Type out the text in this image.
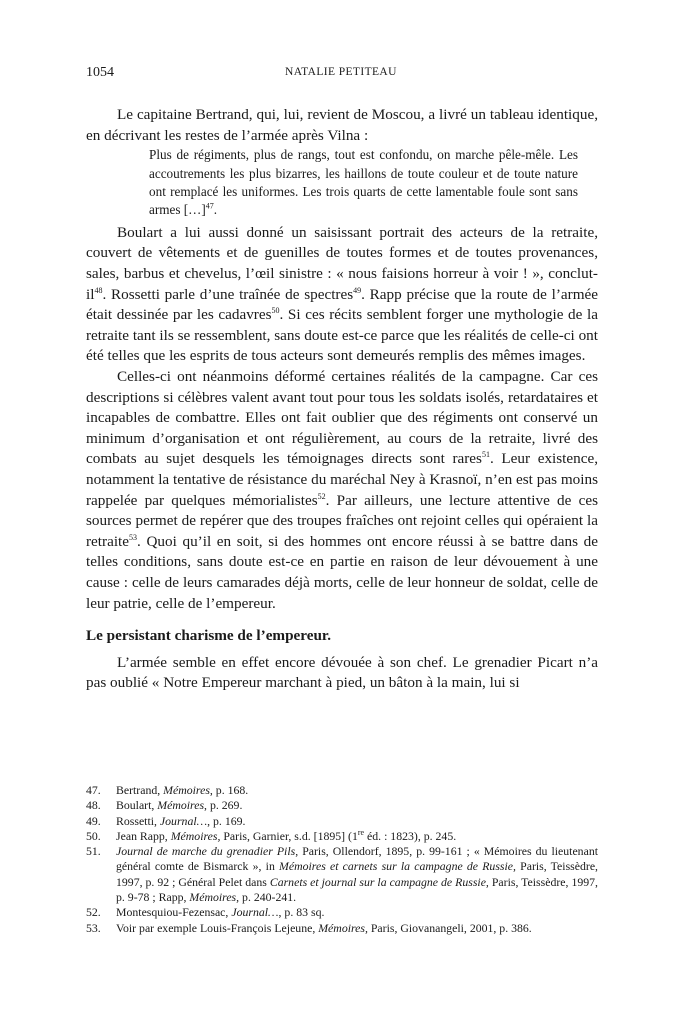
1054	NATALIE PETITEAU

Le capitaine Bertrand, qui, lui, revient de Moscou, a livré un tableau identique, en décrivant les restes de l’armée après Vilna :

Plus de régiments, plus de rangs, tout est confondu, on marche pêle-mêle. Les accoutrements les plus bizarres, les haillons de toute couleur et de toute nature ont remplacé les uniformes. Les trois quarts de cette lamentable foule sont sans armes […]$^{47}$.

Boulart a lui aussi donné un saisissant portrait des acteurs de la retraite, couvert de vêtements et de guenilles de toutes formes et de toutes provenances, sales, barbus et chevelus, l’œil sinistre : « nous faisions horreur à voir ! », conclut-$il^{48}$. Rossetti parle d’une traînée de spectres$^{49}$. Rapp précise que la route de l’armée était dessinée par les cadavres$^{50}$. Si ces récits semblent forger une mythologie de la retraite tant ils se ressemblent, sans doute est-ce parce que les réalités de celle-ci ont été telles que les esprits de tous acteurs sont demeurés remplis des mêmes images.

Celles-ci ont néanmoins déformé certaines réalités de la campagne. Car ces descriptions si célèbres valent avant tout pour tous les soldats isolés, retardataires et incapables de combattre. Elles ont fait oublier que des régiments ont conservé un minimum d’organisation et ont régulièrement, au cours de la retraite, livré des combats au sujet desquels les témoignages directs sont rares$^{51}$. Leur existence, notamment la tentative de résistance du maréchal Ney à Krasnoï, n’en est pas moins rappelée par quelques mémorialistes$^{52}$. Par ailleurs, une lecture attentive de ces sources permet de repérer que des troupes fraîches ont rejoint celles qui opéraient la retraite$^{53}$. Quoi qu’il en soit, si des hommes ont encore réussi à se battre dans de telles conditions, sans doute est-ce en partie en raison de leur dévouement à une cause : celle de leurs camarades déjà morts, celle de leur honneur de soldat, celle de leur patrie, celle de l’empereur.

Le persistant charisme de l’empereur.

L’armée semble en effet encore dévouée à son chef. Le grenadier Picart n’a pas oublié « Notre Empereur marchant à pied, un bâton à la main, lui si

47.	Bertrand, Mémoires, p. 168.
48.	Boulart, Mémoires, p. 269.
49.	Rossetti, Journal…, p. 169.
50.	Jean Rapp, Mémoires, Paris, Garnier, s.d. [1895] (1re éd. : 1823), p. 245.
51.	Journal de marche du grenadier Pils, Paris, Ollendorf, 1895, p. 99-161 ; « Mémoires du lieutenant général comte de Bismarck », in Mémoires et carnets sur la campagne de Russie, Paris, Teissèdre, 1997, p. 92 ; Général Pelet dans Carnets et journal sur la campagne de Russie, Paris, Teissèdre, 1997, p. 9-78 ; Rapp, Mémoires, p. 240-241.
52.	Montesquiou-Fezensac, Journal…, p. 83 sq.
53.	Voir par exemple Louis-François Lejeune, Mémoires, Paris, Giovanangeli, 2001, p. 386.
